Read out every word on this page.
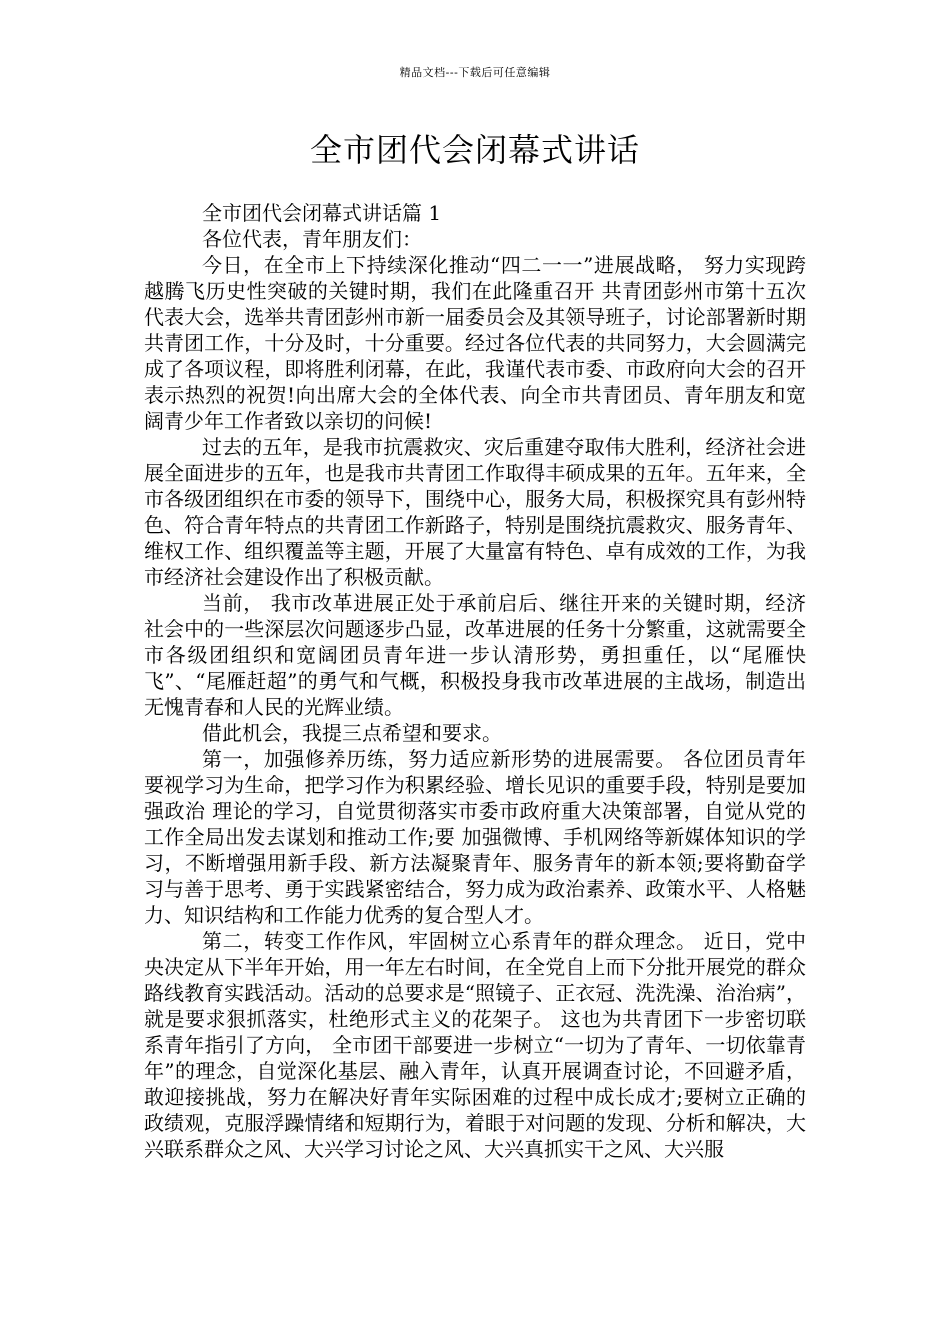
精品文档---下载后可任意编辑
全市团代会闭幕式讲话

全市团代会闭幕式讲话篇 1

各位代表，青年朋友们：

今日，在全市上下持续深化推动“四二一一”进展战略， 努力实现跨越腾飞历史性突破的关键时期，我们在此隆重召开 共青团彭州市第十五次代表大会，选举共青团彭州市新一届委员会及其领导班子，讨论部署新时期共青团工作，十分及时，十分重要。经过各位代表的共同努力，大会圆满完成了各项议程，即将胜利闭幕，在此，我谨代表市委、市政府向大会的召开表示热烈的祝贺!向出席大会的全体代表、向全市共青团员、青年朋友和宽阔青少年工作者致以亲切的问候!

过去的五年，是我市抗震救灾、灾后重建夺取伟大胜利，经济社会进展全面进步的五年，也是我市共青团工作取得丰硕成果的五年。五年来，全市各级团组织在市委的领导下，围绕中心，服务大局，积极探究具有彭州特色、符合青年特点的共青团工作新路子，特别是围绕抗震救灾、服务青年、维权工作、组织覆盖等主题，开展了大量富有特色、卓有成效的工作，为我市经济社会建设作出了积极贡献。

当前， 我市改革进展正处于承前启后、继往开来的关键时期，经济社会中的一些深层次问题逐步凸显，改革进展的任务十分繁重，这就需要全市各级团组织和宽阔团员青年进一步认清形势，勇担重任，以“尾雁快飞”、“尾雁赶超”的勇气和气概，积极投身我市改革进展的主战场，制造出无愧青春和人民的光辉业绩。

借此机会，我提三点希望和要求。

第一，加强修养历练，努力适应新形势的进展需要。 各位团员青年要视学习为生命，把学习作为积累经验、增长见识的重要手段，特别是要加强政治 理论的学习，自觉贯彻落实市委市政府重大决策部署，自觉从党的工作全局出发去谋划和推动工作;要 加强微博、手机网络等新媒体知识的学习，不断增强用新手段、新方法凝聚青年、服务青年的新本领;要将勤奋学习与善于思考、勇于实践紧密结合，努力成为政治素养、政策水平、人格魅力、知识结构和工作能力优秀的复合型人才。

第二，转变工作作风，牢固树立心系青年的群众理念。 近日，党中央决定从下半年开始，用一年左右时间，在全党自上而下分批开展党的群众路线教育实践活动。活动的总要求是“照镜子、正衣冠、洗洗澡、治治病”，就是要求狠抓落实，杜绝形式主义的花架子。 这也为共青团下一步密切联系青年指引了方向， 全市团干部要进一步树立“一切为了青年、一切依靠青年”的理念，自觉深化基层、融入青年，认真开展调查讨论，不回避矛盾，敢迎接挑战，努力在解决好青年实际困难的过程中成长成才;要树立正确的政绩观，克服浮躁情绪和短期行为，着眼于对问题的发现、分析和解决，大兴联系群众之风、大兴学习讨论之风、大兴真抓实干之风、大兴服
